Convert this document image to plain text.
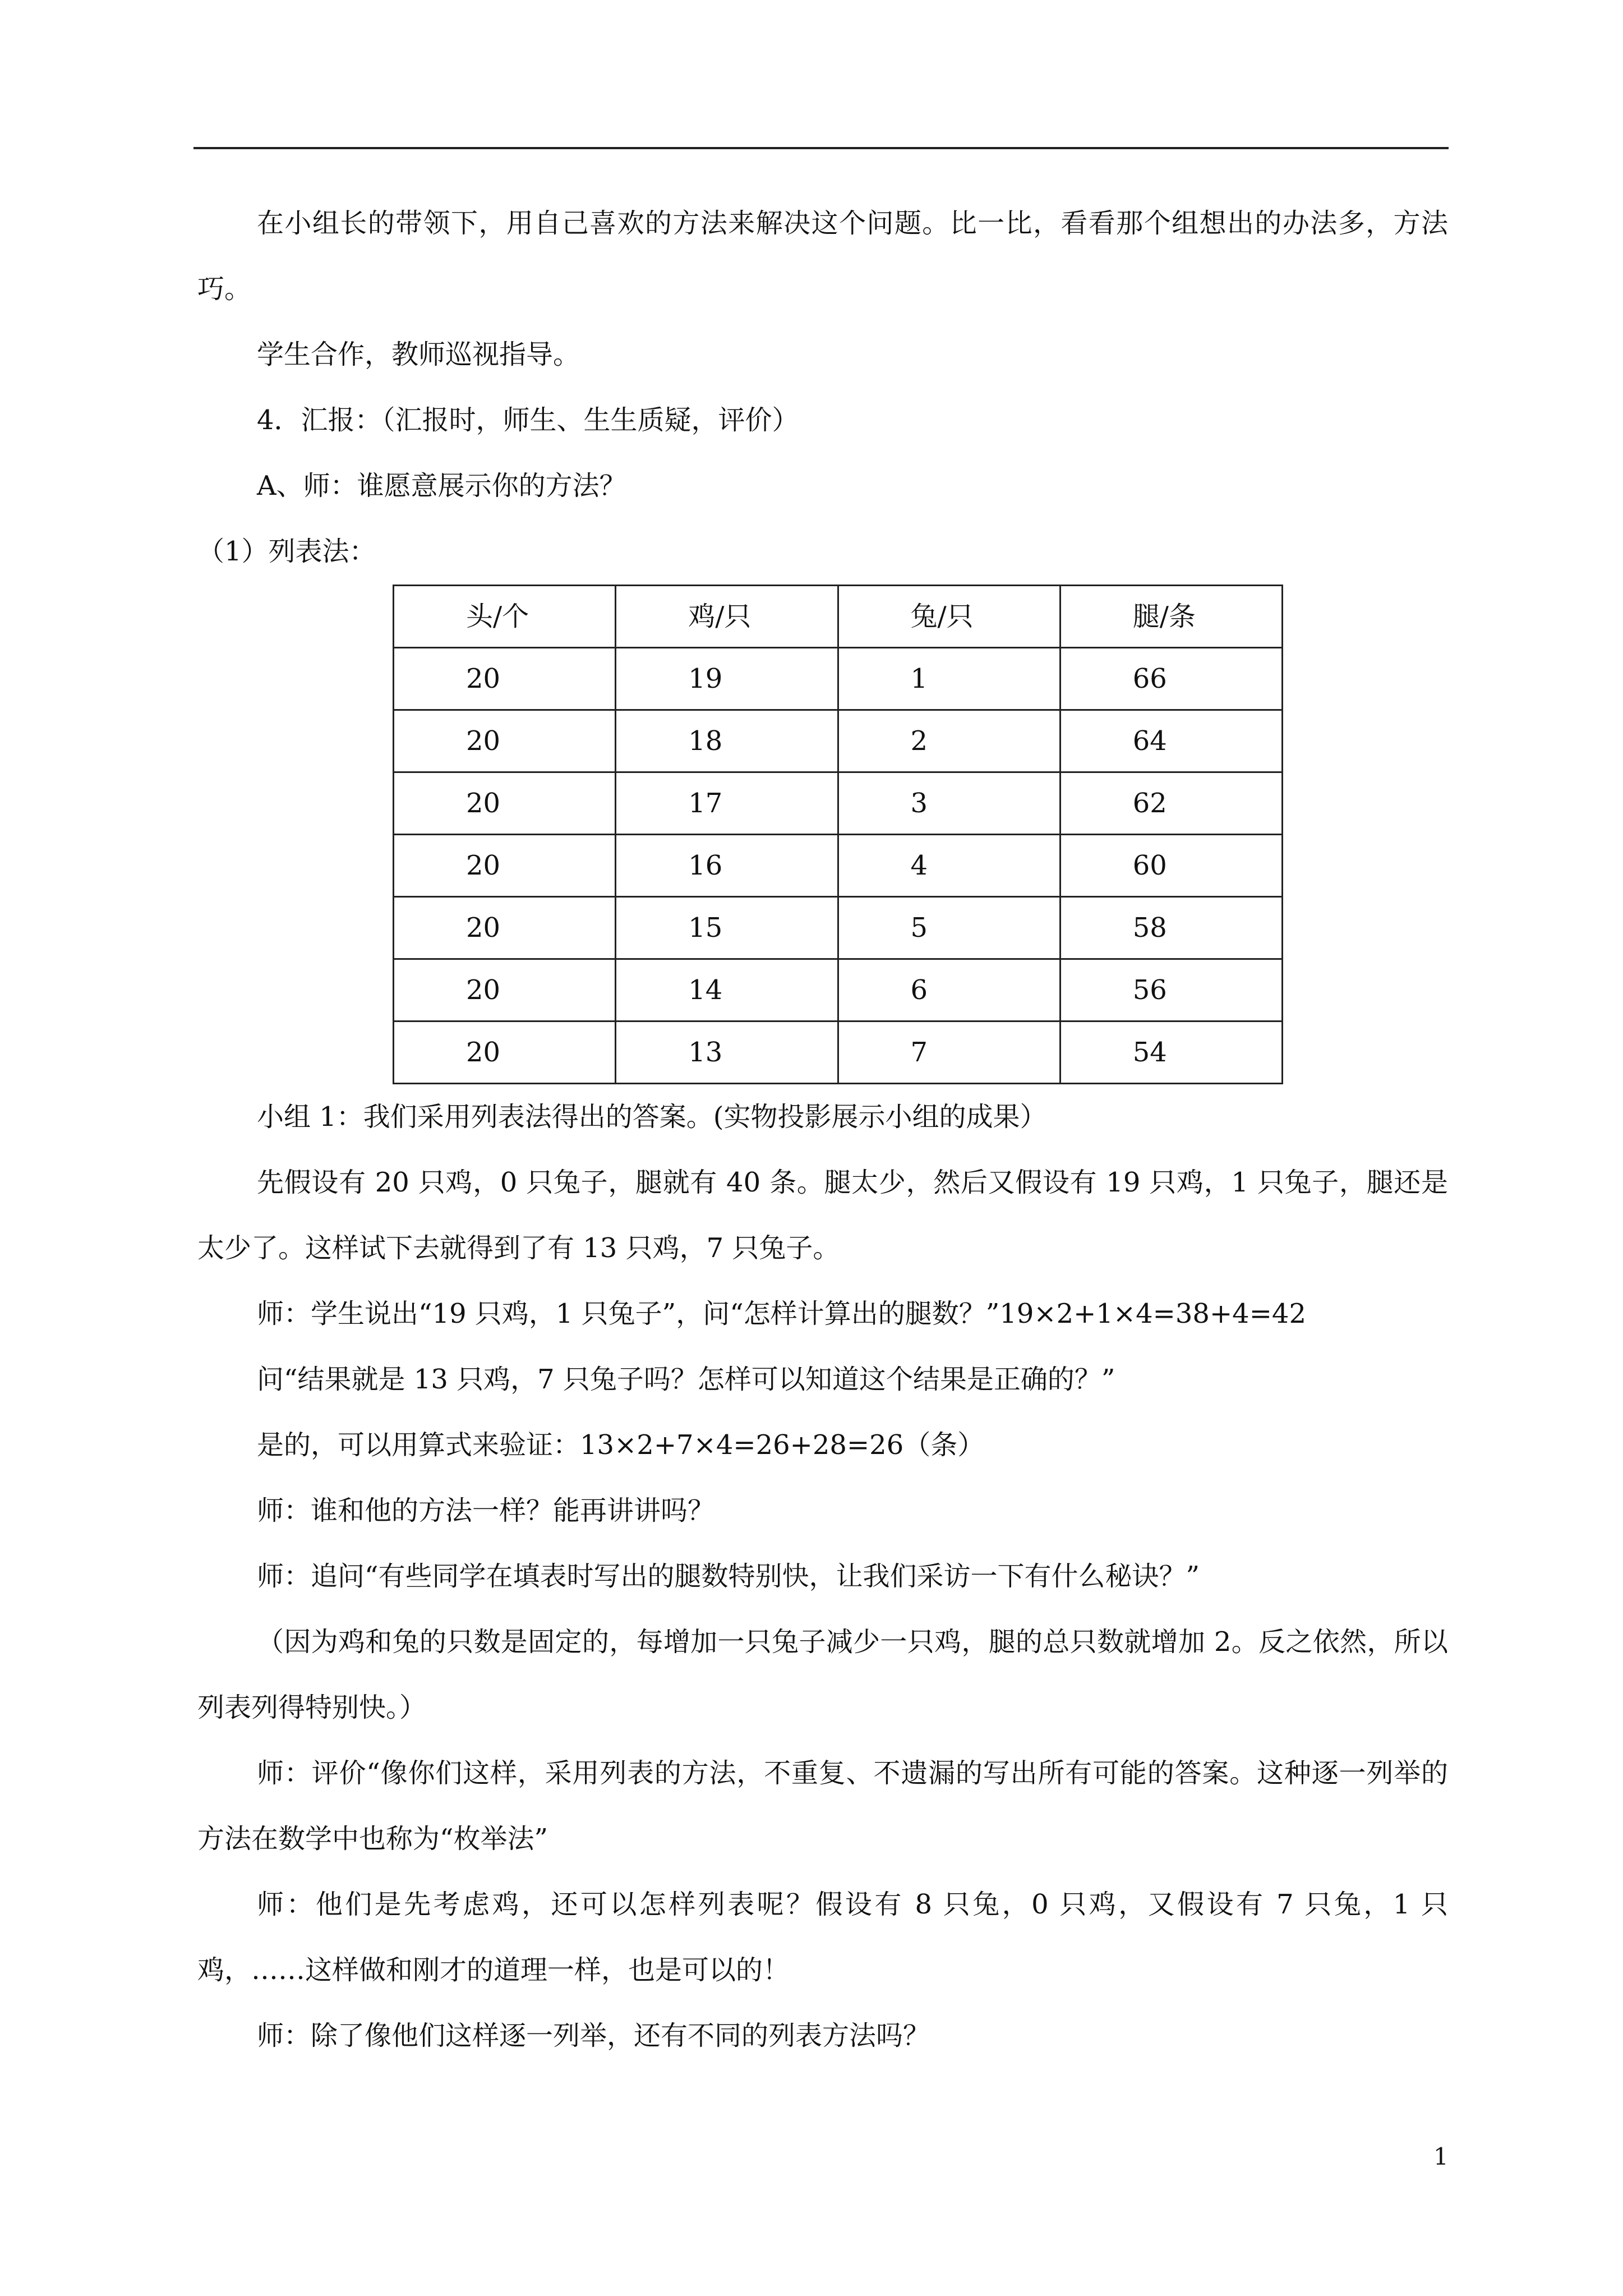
在小组长的带领下，用自己喜欢的方法来解决这个问题。比一比，看看那个组想出的办法多，方法巧。

学生合作，教师巡视指导。

4．汇报：（汇报时，师生、生生质疑，评价）

A、师：谁愿意展示你的方法？

（1）列表法：

头/个	鸡/只	兔/只	腿/条
20	19	1	66
20	18	2	64
20	17	3	62
20	16	4	60
20	15	5	58
20	14	6	56
20	13	7	54

小组 1：我们采用列表法得出的答案。(实物投影展示小组的成果）

先假设有 20 只鸡，0 只兔子，腿就有 40 条。腿太少，然后又假设有 19 只鸡，1 只兔子，腿还是太少了。这样试下去就得到了有 13 只鸡，7 只兔子。

师：学生说出“19 只鸡，1 只兔子”，问“怎样计算出的腿数？”19×2+1×4=38+4=42

问“结果就是 13 只鸡，7 只兔子吗？怎样可以知道这个结果是正确的？”

是的，可以用算式来验证：13×2+7×4=26+28=26（条）

师：谁和他的方法一样？能再讲讲吗？

师：追问“有些同学在填表时写出的腿数特别快，让我们采访一下有什么秘诀？”

（因为鸡和兔的只数是固定的，每增加一只兔子减少一只鸡，腿的总只数就增加 2。反之依然，所以列表列得特别快。）

师：评价“像你们这样，采用列表的方法，不重复、不遗漏的写出所有可能的答案。这种逐一列举的方法在数学中也称为“枚举法”

师：他们是先考虑鸡，还可以怎样列表呢？假设有 8 只兔，0 只鸡，又假设有 7 只兔，1 只鸡，……这样做和刚才的道理一样，也是可以的！

师：除了像他们这样逐一列举，还有不同的列表方法吗？

1
